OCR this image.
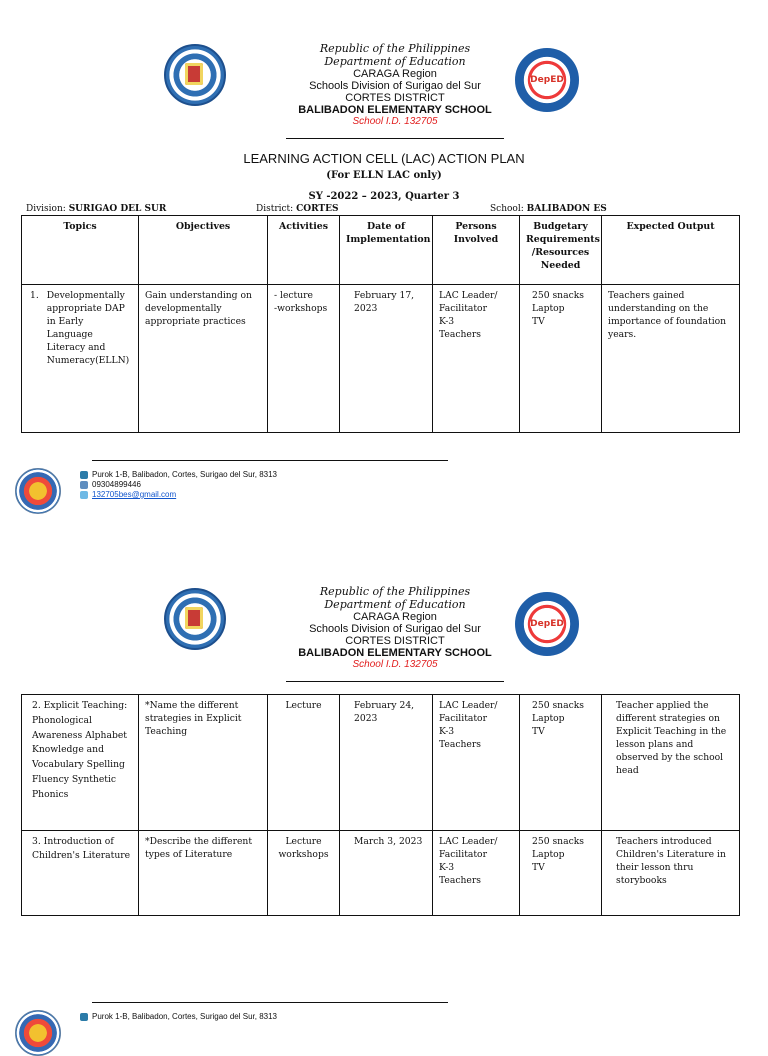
DepED
Republic of the Philippines
Department of Education
CARAGA Region
Schools Division of Surigao del Sur
CORTES DISTRICT
BALIBADON ELEMENTARY SCHOOL
School I.D. 132705
LEARNING ACTION CELL (LAC) ACTION PLAN
(For ELLN LAC only)
SY -2022 – 2023, Quarter 3
Division: SURIGAO DEL SUR	District: CORTES	School: BALIBADON ES
Topics	Objectives	Activities	Date of Implementation	Persons Involved	Budgetary Requirements /Resources Needed	Expected Output

1. Developmentally appropriate DAP in Early Language Literacy and Numeracy(ELLN)	Gain understanding on developmentally appropriate practices	- lecture
-workshops	February 17, 2023	LAC Leader/ Facilitator
K-3
Teachers	250 snacks
Laptop
TV	Teachers gained understanding on the importance of foundation years.
Purok 1-B, Balibadon, Cortes, Surigao del Sur, 8313
09304899446
132705bes@gmail.com
DepED
Republic of the Philippines
Department of Education
CARAGA Region
Schools Division of Surigao del Sur
CORTES DISTRICT
BALIBADON ELEMENTARY SCHOOL
School I.D. 132705
2. Explicit Teaching: Phonological Awareness Alphabet Knowledge and Vocabulary Spelling Fluency Synthetic Phonics	*Name the different strategies in Explicit Teaching	Lecture	February 24, 2023	LAC Leader/ Facilitator
K-3
Teachers	250 snacks
Laptop
TV	Teacher applied the different strategies on Explicit Teaching in the lesson plans and observed by the school head
3. Introduction of Children's Literature	*Describe the different types of Literature	Lecture workshops	March 3, 2023	LAC Leader/ Facilitator
K-3
Teachers	250 snacks
Laptop
TV	Teachers introduced Children's Literature in their lesson thru storybooks
Purok 1-B, Balibadon, Cortes, Surigao del Sur, 8313
